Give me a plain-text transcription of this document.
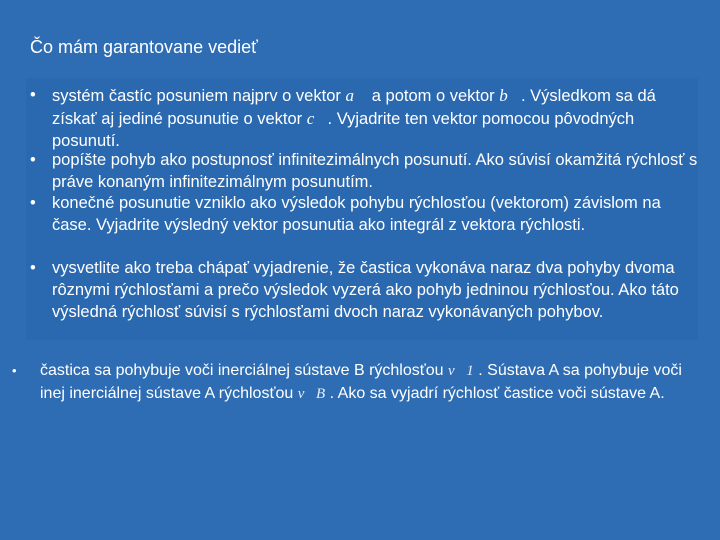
Čo mám garantovane vedieť
• systém častíc posuniem najprv o vektor a⃗ a potom o vektor b⃗. Výsledkom sa dá získať aj jediné posunutie o vektor c⃗. Vyjadrite ten vektor pomocou pôvodných posunutí.
• popíšte pohyb ako postupnosť infinitezimálnych posunutí. Ako súvisí okamžitá rýchlosť s práve konaným infinitezimálnym posunutím.
• konečné posunutie vzniklo ako výsledok pohybu rýchlosťou (vektorom) závislom na čase. Vyjadrite výsledný vektor posunutia ako integrál z vektora rýchlosti.
• vysvetlite ako treba chápať vyjadrenie, že častica vykonáva naraz dva pohyby dvoma rôznymi rýchlosťami a prečo výsledok vyzerá ako pohyb jedninou rýchlosťou. Ako táto výsledná rýchlosť súvisí s rýchlosťami dvoch naraz vykonávaných pohybov.
• častica sa pohybuje voči inerciálnej sústave B rýchlosťou v⃗1 . Sústava A sa pohybuje voči inej inerciálnej sústave A rýchlosťou v⃗B . Ako sa vyjadrí rýchlosť častice voči sústave A.
